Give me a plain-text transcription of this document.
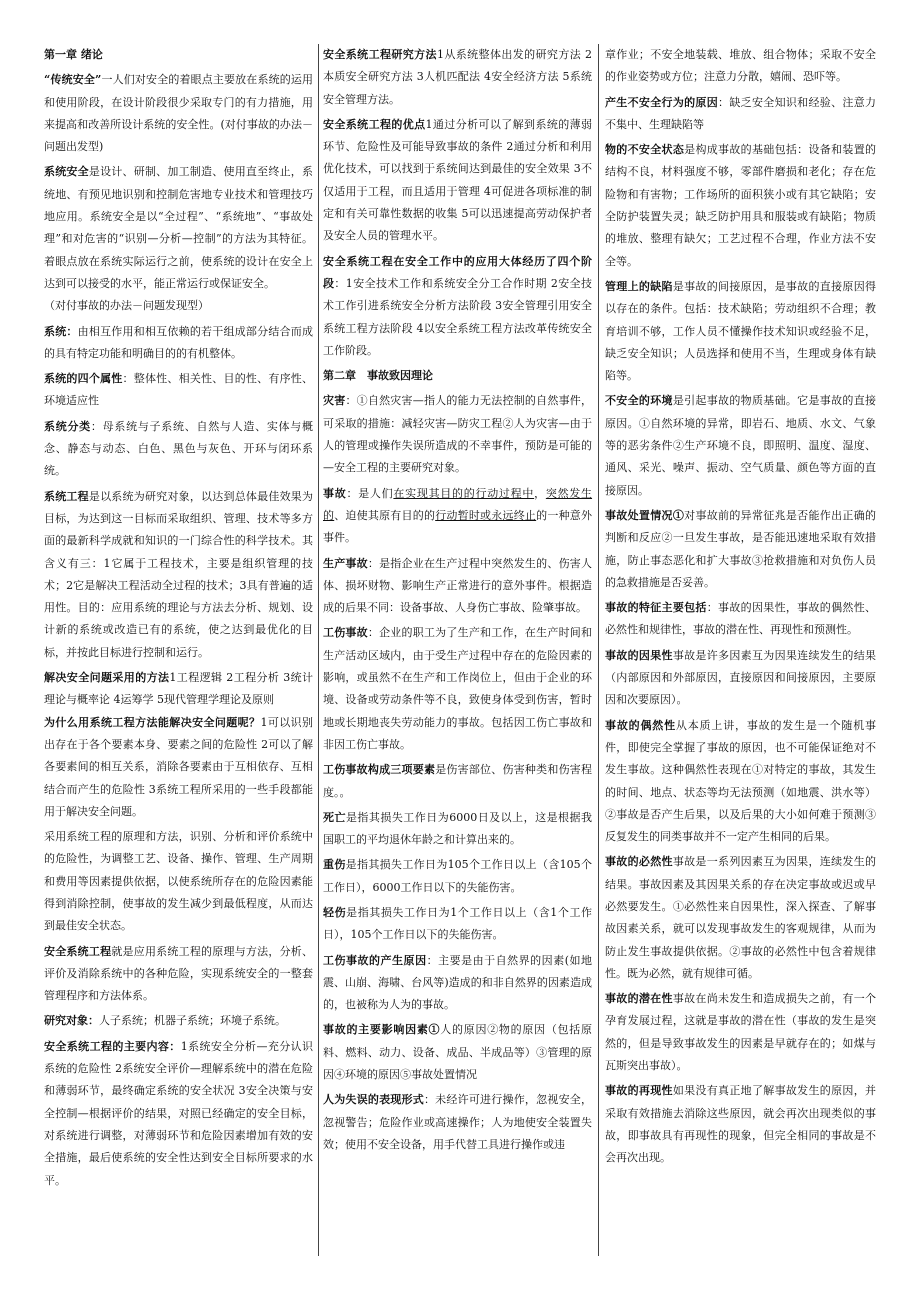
第一章 绪论

“传统安全”一人们对安全的着眼点主要放在系统的运用和使用阶段，在设计阶段很少采取专门的有力措施，用来提高和改善所设计系统的安全性。(对付事故的办法－问题出发型)

系统安全是设计、研制、加工制造、使用直至终止，系统地、有预见地识别和控制危害地专业技术和管理技巧地应用。系统安全是以“全过程”、“系统地”、“事故处理”和对危害的“识别—分析—控制”的方法为其特征。着眼点放在系统实际运行之前，使系统的设计在安全上达到可以接受的水平，能正常运行或保证安全。

（对付事故的办法－问题发现型）

系统：由相互作用和相互依赖的若干组成部分结合而成的具有特定功能和明确目的的有机整体。

系统的四个属性：整体性、相关性、目的性、有序性、环境适应性

系统分类：母系统与子系统、自然与人造、实体与概念、静态与动态、白色、黑色与灰色、开环与闭环系统。

系统工程是以系统为研究对象，以达到总体最佳效果为目标，为达到这一目标而采取组织、管理、技术等多方面的最新科学成就和知识的一门综合性的科学技术。其含义有三：1它属于工程技术，主要是组织管理的技术；2它是解决工程活动全过程的技术；3具有普遍的适用性。目的：应用系统的理论与方法去分析、规划、设计新的系统或改造已有的系统，使之达到最优化的目标，并按此目标进行控制和运行。

解决安全问题采用的方法1工程逻辑 2工程分析 3统计理论与概率论 4运筹学 5现代管理学理论及原则

为什么用系统工程方法能解决安全问题呢？1可以识别出存在于各个要素本身、要素之间的危险性 2可以了解各要素间的相互关系，消除各要素由于互相依存、互相结合而产生的危险性 3系统工程所采用的一些手段都能用于解决安全问题。

采用系统工程的原理和方法，识别、分析和评价系统中的危险性，为调整工艺、设备、操作、管理、生产周期和费用等因素提供依据，以使系统所存在的危险因素能得到消除控制，使事故的发生减少到最低程度，从而达到最佳安全状态。

安全系统工程就是应用系统工程的原理与方法，分析、评价及消除系统中的各种危险，实现系统安全的一整套管理程序和方法体系。

研究对象：人子系统；机器子系统；环境子系统。

安全系统工程的主要内容：1系统安全分析—充分认识系统的危险性 2系统安全评价—理解系统中的潜在危险和薄弱环节，最终确定系统的安全状况 3安全决策与安全控制—根据评价的结果，对照已经确定的安全目标，对系统进行调整，对薄弱环节和危险因素增加有效的安全措施，最后使系统的安全性达到安全目标所要求的水平。

安全系统工程研究方法1从系统整体出发的研究方法 2本质安全研究方法 3人机匹配法 4安全经济方法 5系统安全管理方法。

安全系统工程的优点1通过分析可以了解到系统的薄弱环节、危险性及可能导致事故的条件 2通过分析和利用优化技术，可以找到于系统间达到最佳的安全效果 3不仅适用于工程，而且适用于管理 4可促进各项标准的制定和有关可靠性数据的收集 5可以迅速提高劳动保护者及安全人员的管理水平。

安全系统工程在安全工作中的应用大体经历了四个阶段：1安全技术工作和系统安全分工合作时期 2安全技术工作引进系统安全分析方法阶段 3安全管理引用安全系统工程方法阶段 4以安全系统工程方法改革传统安全工作阶段。

第二章　事故致因理论

灾害：①自然灾害—指人的能力无法控制的自然事件，可采取的措施：减轻灾害—防灾工程②人为灾害—由于人的管理或操作失误所造成的不幸事件，预防是可能的—安全工程的主要研究对象。

事故：是人们在实现其目的的行动过程中，突然发生的、迫使其原有目的的行动暂时或永远终止的一种意外事件。

生产事故：是指企业在生产过程中突然发生的、伤害人体、损坏财物、影响生产正常进行的意外事件。根据造成的后果不同：设备事故、人身伤亡事故、险肇事故。

工伤事故：企业的职工为了生产和工作，在生产时间和生产活动区域内，由于受生产过程中存在的危险因素的影响，或虽然不在生产和工作岗位上，但由于企业的环境、设备或劳动条件等不良，致使身体受到伤害，暂时地或长期地丧失劳动能力的事故。包括因工伤亡事故和非因工伤亡事故。

工伤事故构成三项要素是伤害部位、伤害种类和伤害程度。。

死亡是指其损失工作日为6000日及以上，这是根据我国职工的平均退休年龄之和计算出来的。

重伤是指其损失工作日为105个工作日以上（含105个工作日），6000工作日以下的失能伤害。

轻伤是指其损失工作日为1个工作日以上（含1个工作日），105个工作日以下的失能伤害。

工伤事故的产生原因：主要是由于自然界的因素(如地震、山崩、海啸、台风等)造成的和非自然界的因素造成的，也被称为人为的事故。

事故的主要影响因素①人的原因②物的原因（包括原料、燃料、动力、设备、成品、半成品等）③管理的原因④环境的原因⑤事故处置情况

人为失误的表现形式：未经许可进行操作，忽视安全，忽视警告；危险作业或高速操作；人为地使安全装置失效；使用不安全设备，用手代替工具进行操作或违

章作业；不安全地装载、堆放、组合物体；采取不安全的作业姿势或方位；注意力分散，嬉闹、恐吓等。

产生不安全行为的原因：缺乏安全知识和经验、注意力不集中、生理缺陷等

物的不安全状态是构成事故的基础包括：设备和装置的结构不良，材料强度不够，零部件磨损和老化；存在危险物和有害物；工作场所的面积狭小或有其它缺陷；安全防护装置失灵；缺乏防护用具和服装或有缺陷；物质的堆放、整理有缺欠；工艺过程不合理，作业方法不安全等。

管理上的缺陷是事故的间接原因，是事故的直接原因得以存在的条件。包括：技术缺陷；劳动组织不合理；教育培训不够，工作人员不懂操作技术知识或经验不足，缺乏安全知识；人员选择和使用不当，生理或身体有缺陷等。

不安全的环境是引起事故的物质基础。它是事故的直接原因。①自然环境的异常，即岩石、地质、水文、气象等的恶劣条件②生产环境不良，即照明、温度、湿度、通风、采光、噪声、振动、空气质量、颜色等方面的直接原因。

事故处置情况①对事故前的异常征兆是否能作出正确的判断和反应②一旦发生事故，是否能迅速地采取有效措施，防止事态恶化和扩大事故③抢救措施和对负伤人员的急救措施是否妥善。

事故的特征主要包括：事故的因果性，事故的偶然性、必然性和规律性，事故的潜在性、再现性和预测性。

事故的因果性事故是许多因素互为因果连续发生的结果（内部原因和外部原因，直接原因和间接原因，主要原因和次要原因）。

事故的偶然性从本质上讲，事故的发生是一个随机事件，即使完全掌握了事故的原因，也不可能保证绝对不发生事故。这种偶然性表现在①对特定的事故，其发生的时间、地点、状态等均无法预测（如地震、洪水等）②事故是否产生后果，以及后果的大小如何难于预测③反复发生的同类事故并不一定产生相同的后果。

事故的必然性事故是一系列因素互为因果，连续发生的结果。事故因素及其因果关系的存在决定事故或迟或早必然要发生。①必然性来自因果性，深入探查、了解事故因素关系，就可以发现事故发生的客观规律，从而为防止发生事故提供依据。②事故的必然性中包含着规律性。既为必然，就有规律可循。

事故的潜在性事故在尚未发生和造成损失之前，有一个孕育发展过程，这就是事故的潜在性（事故的发生是突然的，但是导致事故发生的因素是早就存在的；如煤与瓦斯突出事故）。

事故的再现性如果没有真正地了解事故发生的原因，并采取有效措施去消除这些原因，就会再次出现类似的事故，即事故具有再现性的现象，但完全相同的事故是不会再次出现。
